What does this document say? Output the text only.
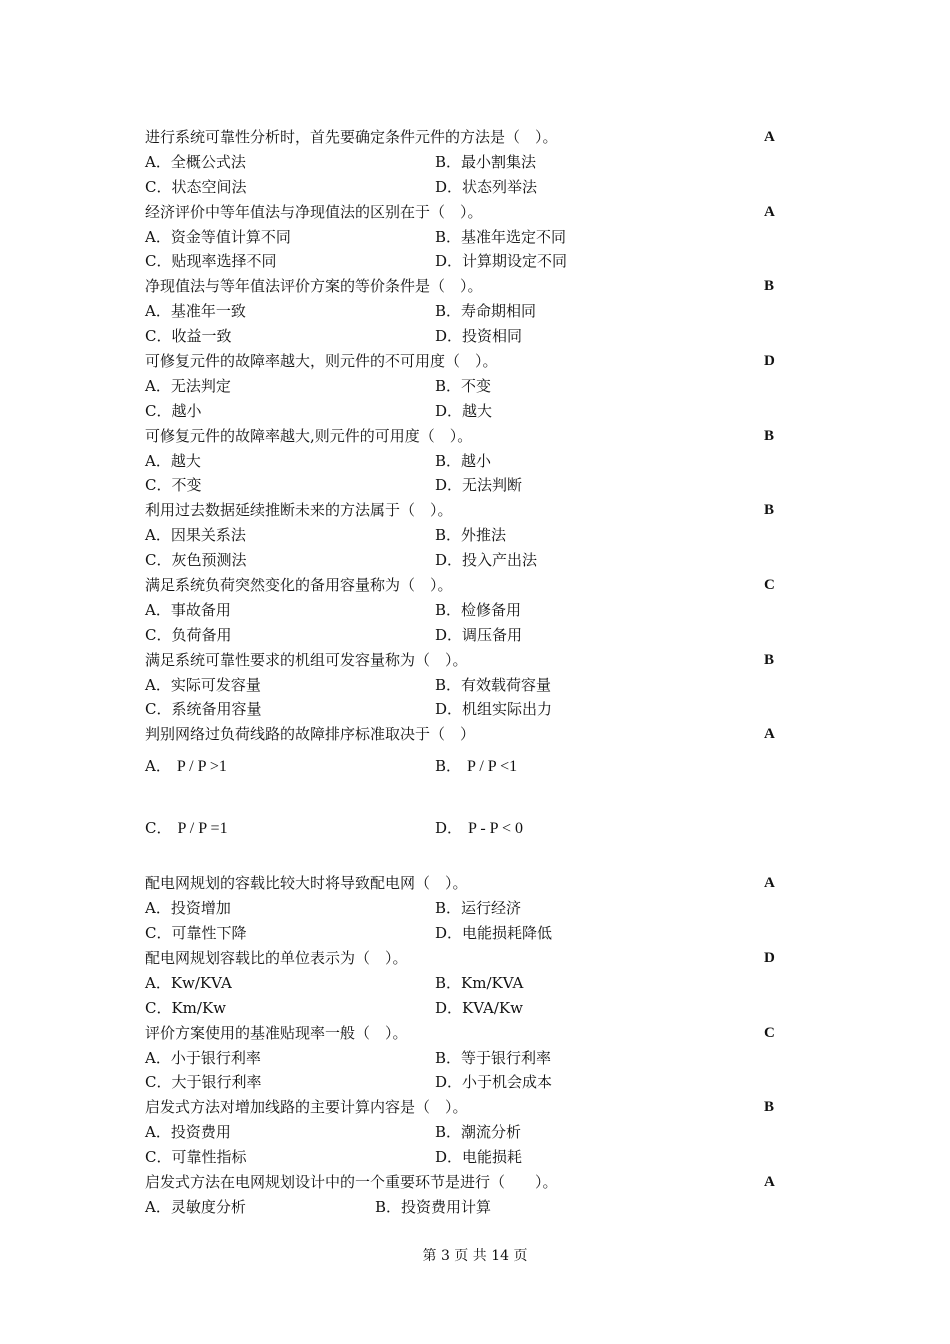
进行系统可靠性分析时，首先要确定条件元件的方法是（　）。	A
A．全概公式法	B．最小割集法
C．状态空间法	D．状态列举法
经济评价中等年值法与净现值法的区别在于（　）。	A
A．资金等值计算不同	B．基准年选定不同
C．贴现率选择不同	D．计算期设定不同
净现值法与等年值法评价方案的等价条件是（　）。	B
A．基准年一致	B．寿命期相同
C．收益一致	D．投资相同
可修复元件的故障率越大，则元件的不可用度（　）。	D
A．无法判定	B．不变
C．越小	D．越大
可修复元件的故障率越大,则元件的可用度（　）。	B
A．越大	B．越小
C．不变	D．无法判断
利用过去数据延续推断未来的方法属于（　）。	B
A．因果关系法	B．外推法
C．灰色预测法	D．投入产出法
满足系统负荷突然变化的备用容量称为（　）。	C
A．事故备用	B．检修备用
C．负荷备用	D．调压备用
满足系统可靠性要求的机组可发容量称为（　）。	B
A．实际可发容量	B．有效载荷容量
C．系统备用容量	D．机组实际出力
判别网络过负荷线路的故障排序标准取决于（　）	A
A． P / P >1	B． P / P <1
C． P / P =1	D． P - P < 0
配电网规划的容载比较大时将导致配电网（　）。	A
A．投资增加	B．运行经济
C．可靠性下降	D．电能损耗降低
配电网规划容载比的单位表示为（　）。	D
A．Kw/KVA	B．Km/KVA
C．Km/Kw	D．KVA/Kw
评价方案使用的基准贴现率一般（　）。	C
A．小于银行利率	B．等于银行利率
C．大于银行利率	D．小于机会成本
启发式方法对增加线路的主要计算内容是（　）。	B
A．投资费用	B．潮流分析
C．可靠性指标	D．电能损耗
启发式方法在电网规划设计中的一个重要环节是进行（　　）。	A
A．灵敏度分析	B．投资费用计算
第 3 页 共 14 页
